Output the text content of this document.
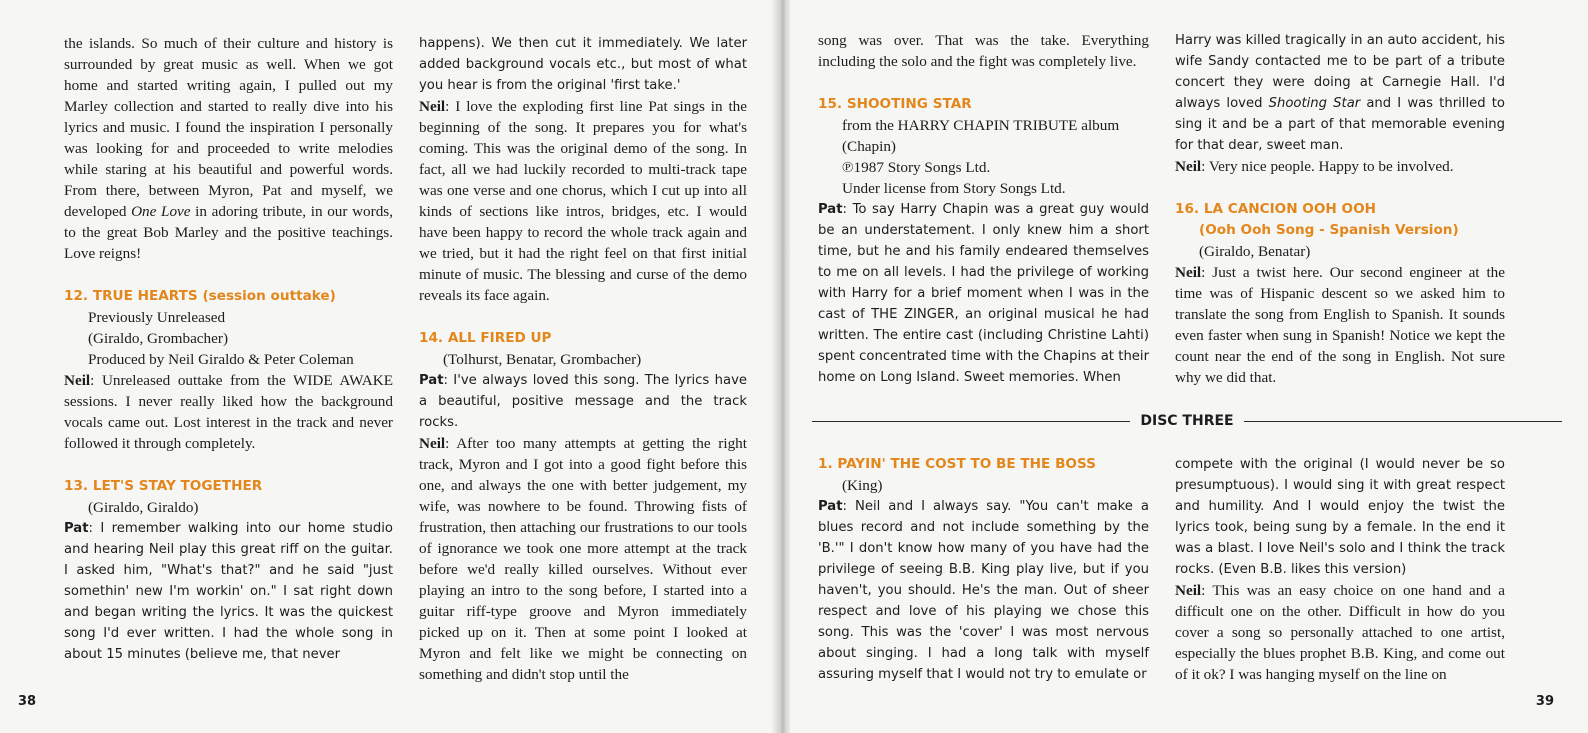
the islands. So much of their culture and history is surrounded by great music as well. When we got home and started writing again, I pulled out my Marley collection and started to really dive into his lyrics and music. I found the inspiration I personally was looking for and proceeded to write melodies while staring at his beautiful and powerful words. From there, between Myron, Pat and myself, we developed One Love in adoring tribute, in our words, to the great Bob Marley and the positive teachings. Love reigns!

12. TRUE HEARTS (session outtake)

Previously Unreleased

(Giraldo, Grombacher)

Produced by Neil Giraldo & Peter Coleman

Neil: Unreleased outtake from the WIDE AWAKE sessions. I never really liked how the background vocals came out. Lost interest in the track and never followed it through completely.

13. LET'S STAY TOGETHER

(Giraldo, Giraldo)

Pat: I remember walking into our home studio and hearing Neil play this great riff on the guitar. I asked him, "What's that?" and he said "just somethin' new I'm workin' on." I sat right down and began writing the lyrics. It was the quickest song I'd ever written. I had the whole song in about 15 minutes (believe me, that never

happens). We then cut it immediately. We later added background vocals etc., but most of what you hear is from the original 'first take.'

Neil: I love the exploding first line Pat sings in the beginning of the song. It prepares you for what's coming. This was the original demo of the song. In fact, all we had luckily recorded to multi-track tape was one verse and one chorus, which I cut up into all kinds of sections like intros, bridges, etc. I would have been happy to record the whole track again and we tried, but it had the right feel on that first initial minute of music. The blessing and curse of the demo reveals its face again.

14. ALL FIRED UP

(Tolhurst, Benatar, Grombacher)

Pat: I've always loved this song. The lyrics have a beautiful, positive message and the track rocks.

Neil: After too many attempts at getting the right track, Myron and I got into a good fight before this one, and always the one with better judgement, my wife, was nowhere to be found. Throwing fists of frustration, then attaching our frustrations to our tools of ignorance we took one more attempt at the track before we'd really killed ourselves. Without ever playing an intro to the song before, I started into a guitar riff-type groove and Myron immediately picked up on it. Then at some point I looked at Myron and felt like we might be connecting on something and didn't stop until the

38

song was over. That was the take. Everything including the solo and the fight was completely live.

15. SHOOTING STAR

from the HARRY CHAPIN TRIBUTE album

(Chapin)

℗1987 Story Songs Ltd.

Under license from Story Songs Ltd.

Pat: To say Harry Chapin was a great guy would be an understatement. I only knew him a short time, but he and his family endeared themselves to me on all levels. I had the privilege of working with Harry for a brief moment when I was in the cast of THE ZINGER, an original musical he had written. The entire cast (including Christine Lahti) spent concentrated time with the Chapins at their home on Long Island. Sweet memories. When

Harry was killed tragically in an auto accident, his wife Sandy contacted me to be part of a tribute concert they were doing at Carnegie Hall. I'd always loved Shooting Star and I was thrilled to sing it and be a part of that memorable evening for that dear, sweet man.

Neil: Very nice people. Happy to be involved.

16. LA CANCION OOH OOH

(Ooh Ooh Song - Spanish Version)

(Giraldo, Benatar)

Neil: Just a twist here. Our second engineer at the time was of Hispanic descent so we asked him to translate the song from English to Spanish. It sounds even faster when sung in Spanish! Notice we kept the count near the end of the song in English. Not sure why we did that.

1. PAYIN' THE COST TO BE THE BOSS

(King)

Pat: Neil and I always say. "You can't make a blues record and not include something by the 'B.'" I don't know how many of you have had the privilege of seeing B.B. King play live, but if you haven't, you should. He's the man. Out of sheer respect and love of his playing we chose this song. This was the 'cover' I was most nervous about singing. I had a long talk with myself assuring myself that I would not try to emulate or

compete with the original (I would never be so presumptuous). I would sing it with great respect and humility. And I would enjoy the twist the lyrics took, being sung by a female. In the end it was a blast. I love Neil's solo and I think the track rocks. (Even B.B. likes this version)

Neil: This was an easy choice on one hand and a difficult one on the other. Difficult in how do you cover a song so personally attached to one artist, especially the blues prophet B.B. King, and come out of it ok? I was hanging myself on the line on

39
DISC THREE
